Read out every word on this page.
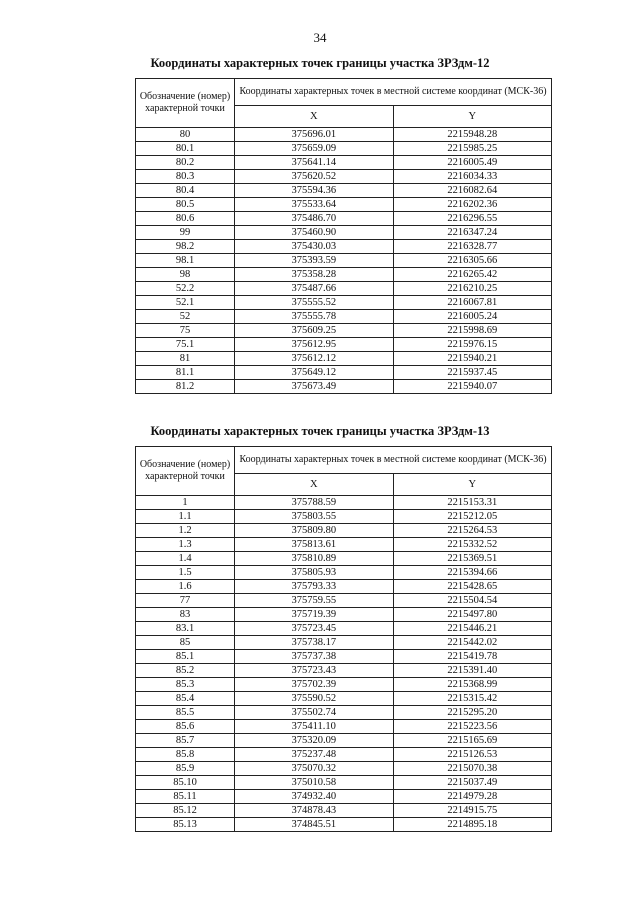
34
Координаты характерных точек границы участка ЗРЗдм-12
Обозначение (номер) характерной точки	Координаты характерных точек в местной системе координат (МСК-36)	
	X	Y
80	375696.01	2215948.28
80.1	375659.09	2215985.25
80.2	375641.14	2216005.49
80.3	375620.52	2216034.33
80.4	375594.36	2216082.64
80.5	375533.64	2216202.36
80.6	375486.70	2216296.55
99	375460.90	2216347.24
98.2	375430.03	2216328.77
98.1	375393.59	2216305.66
98	375358.28	2216265.42
52.2	375487.66	2216210.25
52.1	375555.52	2216067.81
52	375555.78	2216005.24
75	375609.25	2215998.69
75.1	375612.95	2215976.15
81	375612.12	2215940.21
81.1	375649.12	2215937.45
81.2	375673.49	2215940.07
Координаты характерных точек границы участка ЗРЗдм-13
Обозначение (номер) характерной точки	Координаты характерных точек в местной системе координат (МСК-36)	
	X	Y
1	375788.59	2215153.31
1.1	375803.55	2215212.05
1.2	375809.80	2215264.53
1.3	375813.61	2215332.52
1.4	375810.89	2215369.51
1.5	375805.93	2215394.66
1.6	375793.33	2215428.65
77	375759.55	2215504.54
83	375719.39	2215497.80
83.1	375723.45	2215446.21
85	375738.17	2215442.02
85.1	375737.38	2215419.78
85.2	375723.43	2215391.40
85.3	375702.39	2215368.99
85.4	375590.52	2215315.42
85.5	375502.74	2215295.20
85.6	375411.10	2215223.56
85.7	375320.09	2215165.69
85.8	375237.48	2215126.53
85.9	375070.32	2215070.38
85.10	375010.58	2215037.49
85.11	374932.40	2214979.28
85.12	374878.43	2214915.75
85.13	374845.51	2214895.18
